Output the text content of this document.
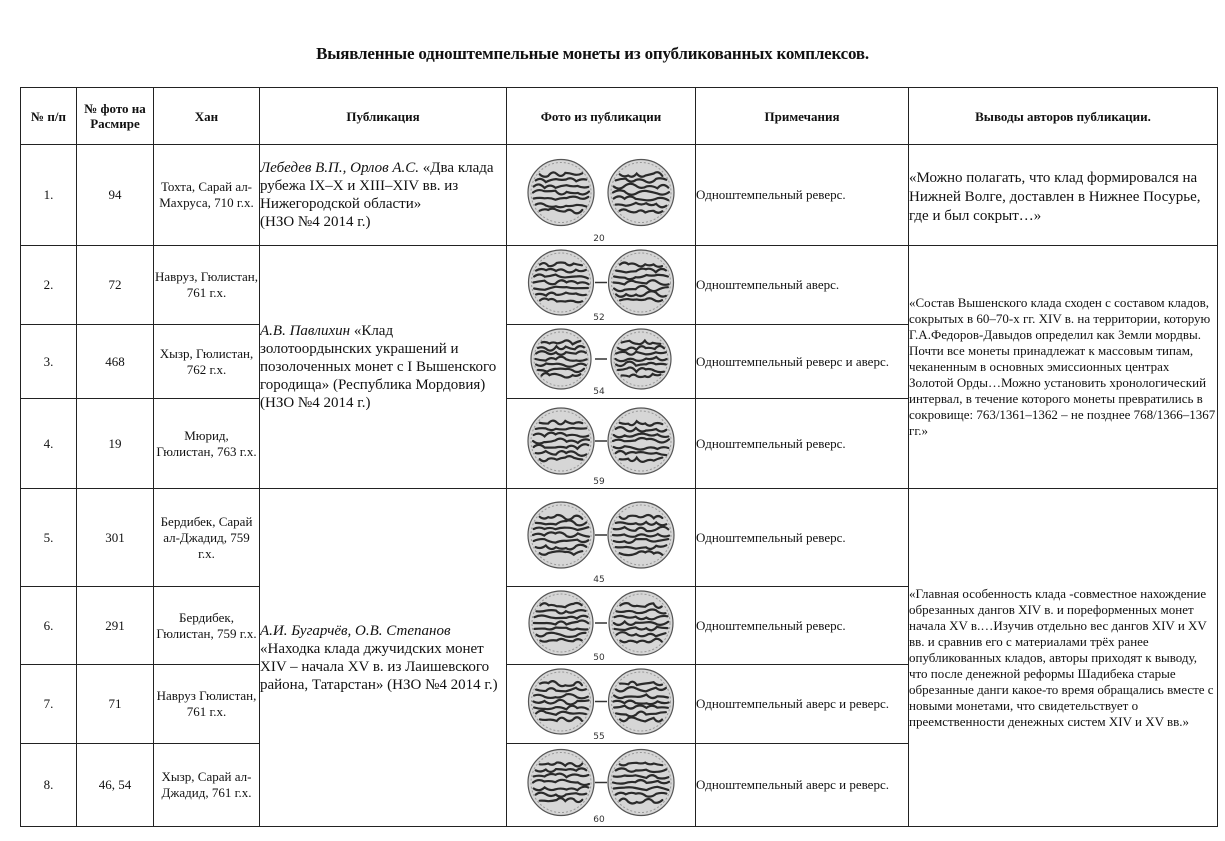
Выявленные одноштемпельные монеты из опубликованных комплексов.
№ п/п	№ фото на Расмире	Хан	Публикация	Фото из публикации	Примечания	Выводы авторов публикации.
1.	94	Тохта, Сарай ал-Махруса, 710 г.х.	Лебедев В.П., Орлов А.С. «Два клада рубежа IX–X и XIII–XIV вв. из Нижегородской области»
(НЗО №4 2014 г.)	20	Одноштемпельный реверс.	«Можно полагать, что клад формировался на Нижней Волге, доставлен в Нижнее Посурье, где и был сокрыт…»
2.	72	Навруз, Гюлистан, 761 г.х.	А.В. Павлихин «Клад золотоордынских украшений и позолоченных монет с I Вышенского городища» (Республика Мордовия)
(НЗО №4 2014 г.)	52	Одноштемпельный аверс.	«Состав Вышенского клада сходен с составом кладов, сокрытых в 60–70-х гг. XIV в. на территории, которую Г.А.Федоров-Давыдов определил как Земли мордвы. Почти все монеты принадлежат к массовым типам, чеканенным в основных эмиссионных центрах Золотой Орды…Можно установить хронологический интервал, в течение которого монеты превратились в сокровище: 763/1361–1362 – не позднее 768/1366–1367 гг.»
3.	468	Хызр, Гюлистан, 762 г.х.		54	Одноштемпельный реверс и аверс.	
4.	19	Мюрид, Гюлистан, 763 г.х.		59	Одноштемпельный реверс.	
5.	301	Бердибек, Сарай ал-Джадид, 759 г.х.	А.И. Бугарчёв, О.В. Степанов «Находка клада джучидских монет XIV – начала XV в. из Лаишевского района, Татарстан» (НЗО №4 2014 г.)	45	Одноштемпельный реверс.	«Главная особенность клада -совместное нахождение обрезанных дангов XIV в. и пореформенных монет начала XV в.…Изучив отдельно вес дангов XIV и XV вв. и сравнив его с материалами трёх ранее опубликованных кладов, авторы приходят к выводу, что после денежной реформы Шадибека старые обрезанные данги какое-то время обращались вместе с новыми монетами, что свидетельствует о преемственности денежных систем XIV и XV вв.»
6.	291	Бердибек, Гюлистан, 759 г.х.		50	Одноштемпельный реверс.	
7.	71	Навруз Гюлистан, 761 г.х.		55	Одноштемпельный аверс и реверс.	
8.	46, 54	Хызр, Сарай ал-Джадид, 761 г.х.		60	Одноштемпельный аверс и реверс.	
